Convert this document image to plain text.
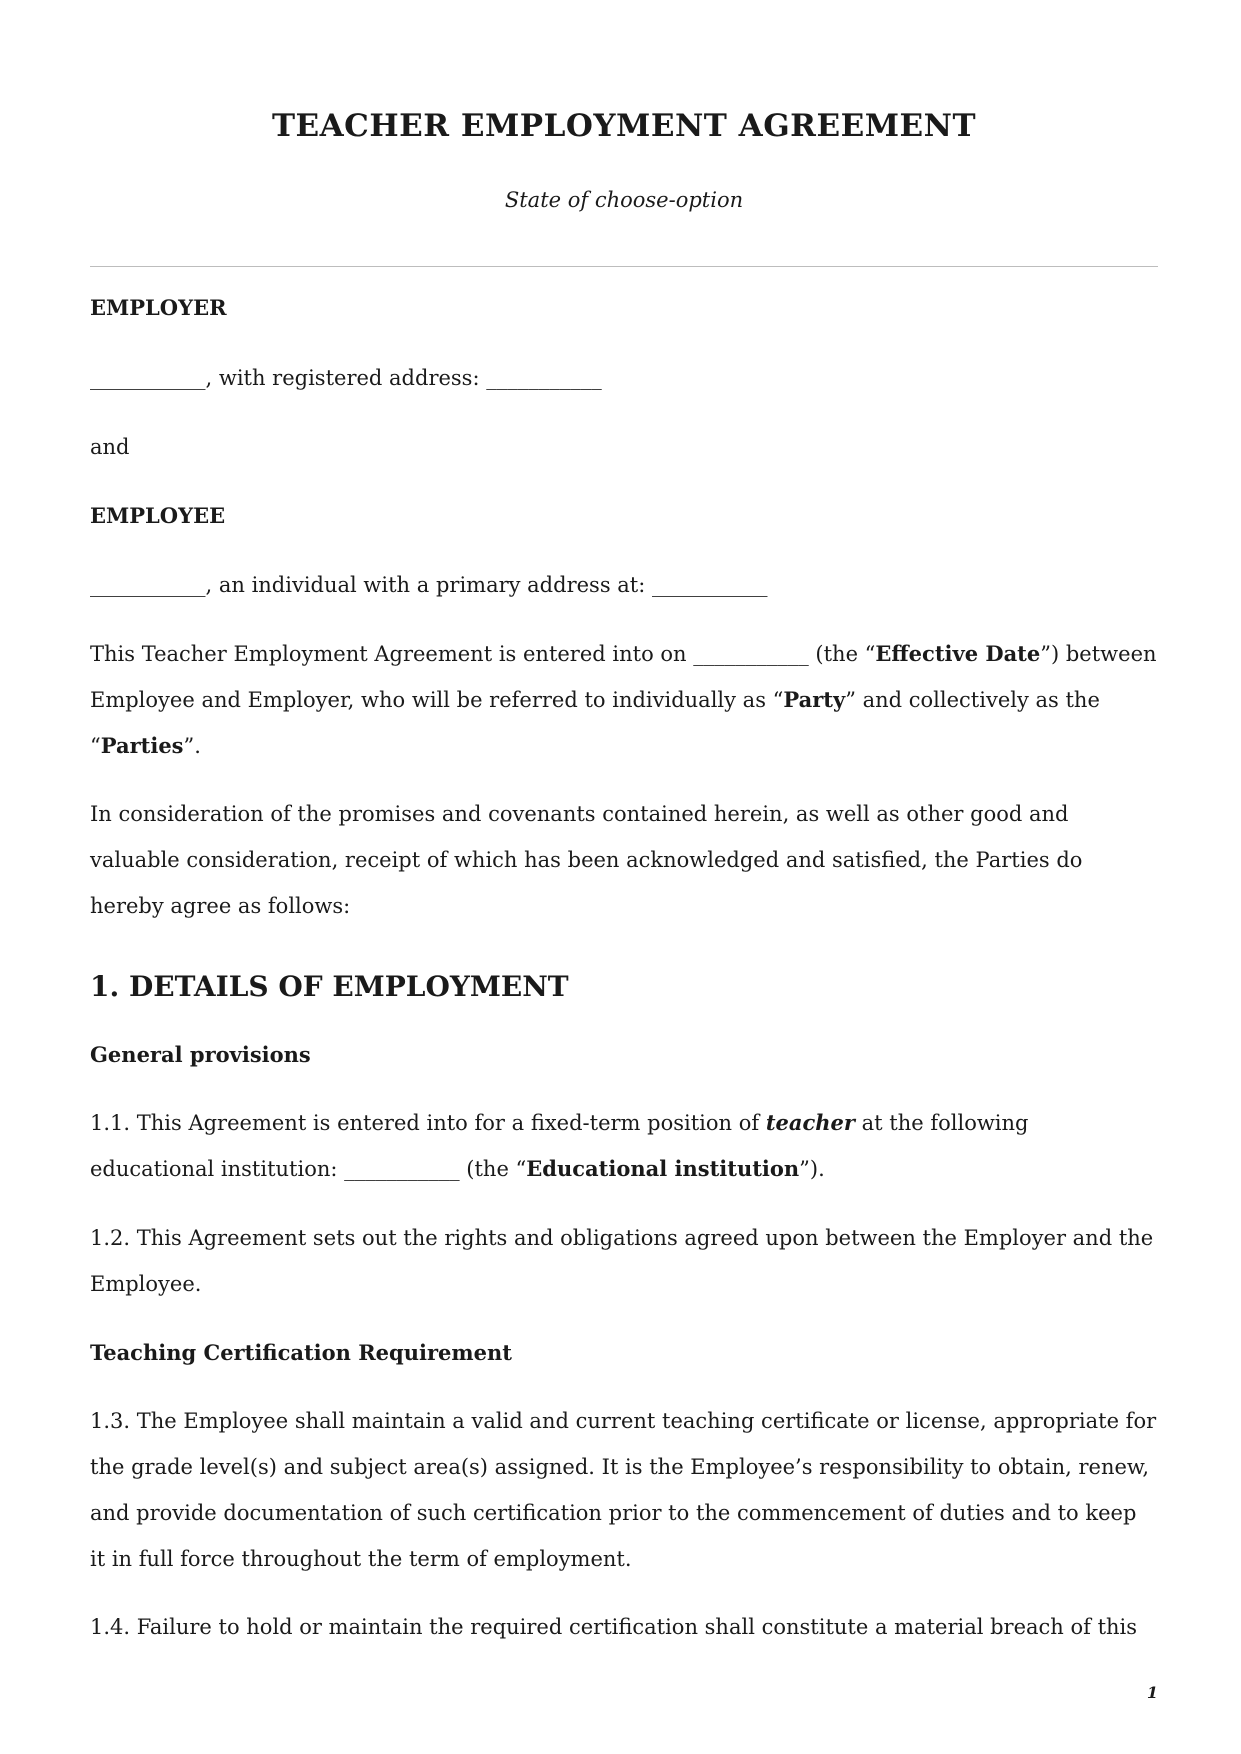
TEACHER EMPLOYMENT AGREEMENT

State of choose-option

EMPLOYER

___________, with registered address: ___________

and

EMPLOYEE

___________, an individual with a primary address at: ___________

This Teacher Employment Agreement is entered into on ___________ (the “Effective Date”) between Employee and Employer, who will be referred to individually as “Party” and collectively as the “Parties”.

In consideration of the promises and covenants contained herein, as well as other good and valuable consideration, receipt of which has been acknowledged and satisfied, the Parties do hereby agree as follows:

1. DETAILS OF EMPLOYMENT
General provisions

1.1. This Agreement is entered into for a fixed-term position of teacher at the following educational institution: ___________ (the “Educational institution”).

1.2. This Agreement sets out the rights and obligations agreed upon between the Employer and the Employee.

Teaching Certification Requirement

1.3. The Employee shall maintain a valid and current teaching certificate or license, appropriate for the grade level(s) and subject area(s) assigned. It is the Employee’s responsibility to obtain, renew, and provide documentation of such certification prior to the commencement of duties and to keep it in full force throughout the term of employment.

1.4. Failure to hold or maintain the required certification shall constitute a material breach of this

1
